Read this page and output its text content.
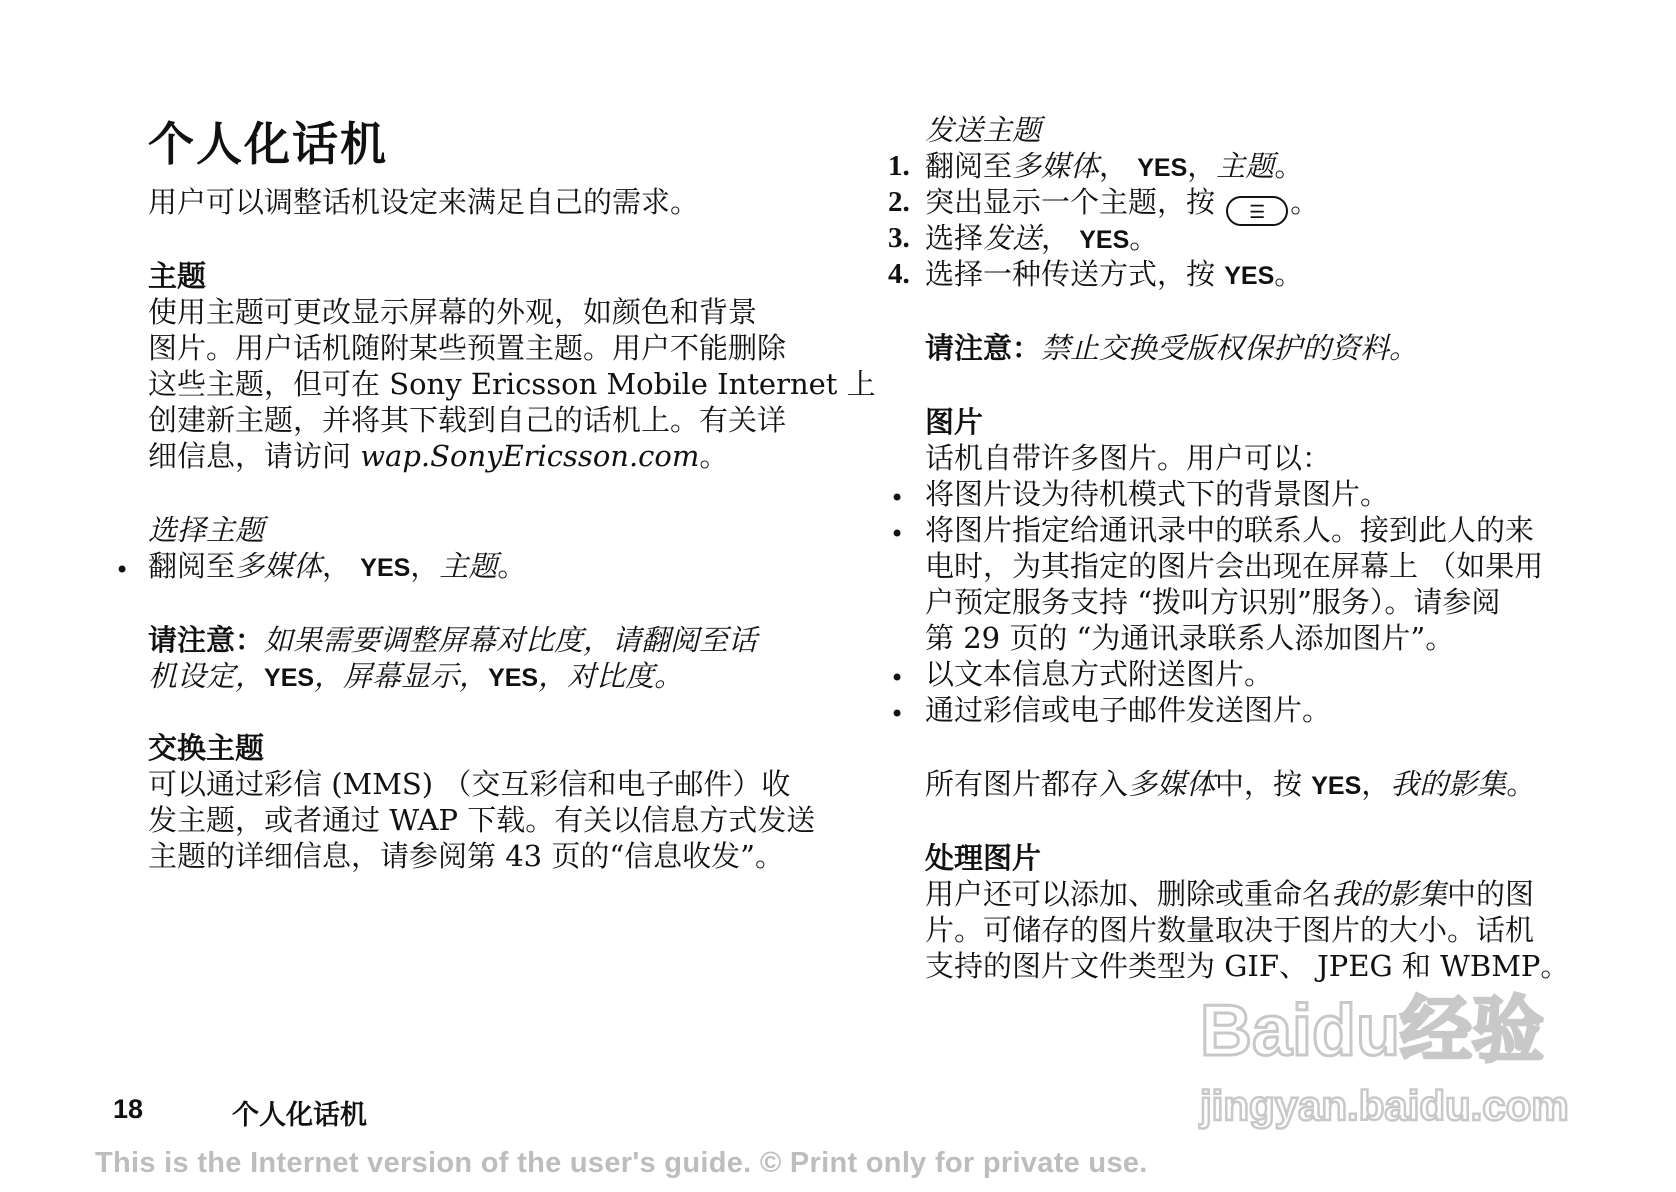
个人化话机
用户可以调整话机设定来满足自己的需求。
主题
使用主题可更改显示屏幕的外观，如颜色和背景
图片。用户话机随附某些预置主题。用户不能删除
这些主题，但可在 Sony Ericsson Mobile Internet 上
创建新主题，并将其下载到自己的话机上。有关详
细信息，请访问 wap.SonyEricsson.com。
选择主题
• 翻阅至多媒体， YES，主题。
请注意：如果需要调整屏幕对比度，请翻阅至话
机设定，YES，屏幕显示，YES，对比度。
交换主题
可以通过彩信 (MMS) （交互彩信和电子邮件）收
发主题，或者通过 WAP 下载。有关以信息方式发送
主题的详细信息，请参阅第 43 页的“信息收发”。
发送主题
1. 翻阅至多媒体， YES，主题。
2. 突出显示一个主题，按 ☰ 。
3. 选择发送， YES。
4. 选择一种传送方式，按 YES。
请注意：禁止交换受版权保护的资料。
图片
话机自带许多图片。用户可以：
• 将图片设为待机模式下的背景图片。
• 将图片指定给通讯录中的联系人。接到此人的来
电时，为其指定的图片会出现在屏幕上 （如果用
户预定服务支持 “拨叫方识别”服务）。请参阅
第 29 页的 “为通讯录联系人添加图片”。
• 以文本信息方式附送图片。
• 通过彩信或电子邮件发送图片。
所有图片都存入多媒体中，按 YES，我的影集。
处理图片
用户还可以添加、删除或重命名我的影集中的图
片。可储存的图片数量取决于图片的大小。话机
支持的图片文件类型为 GIF、 JPEG 和 WBMP。
Baidu经验
jingyan.baidu.com
18	个人化话机
This is the Internet version of the user's guide. © Print only for private use.
